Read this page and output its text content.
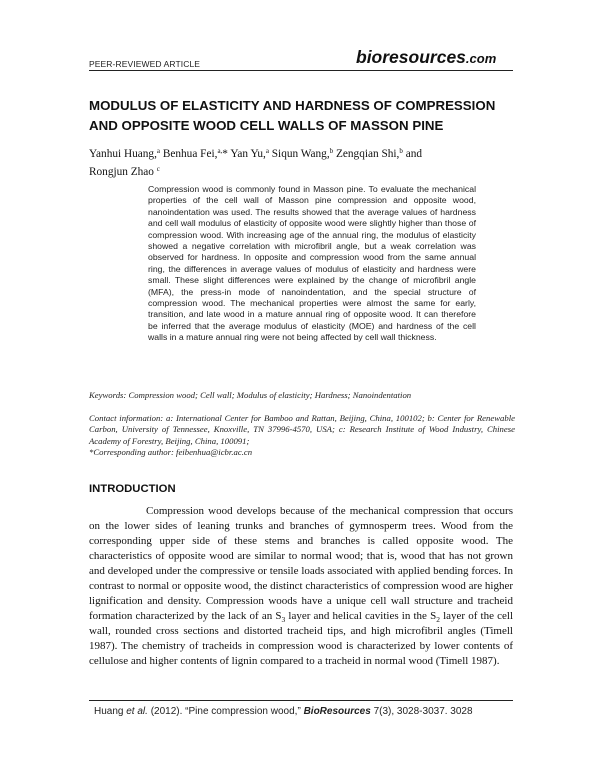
PEER-REVIEWED ARTICLE	bioresources.com
MODULUS OF ELASTICITY AND HARDNESS OF COMPRESSION
AND OPPOSITE WOOD CELL WALLS OF MASSON PINE
Yanhui Huang,$^a$ Benhua Fei,$^{a,}$* Yan Yu,$^a$ Siqun Wang,$^b$ Zengqian Shi,$^b$ and
Rongjun Zhao $^c$
Compression wood is commonly found in Masson pine. To evaluate the mechanical properties of the cell wall of Masson pine compression and opposite wood, nanoindentation was used. The results showed that the average values of hardness and cell wall modulus of elasticity of opposite wood were slightly higher than those of compression wood. With increasing age of the annual ring, the modulus of elasticity showed a negative correlation with microfibril angle, but a weak correlation was observed for hardness. In opposite and compression wood from the same annual ring, the differences in average values of modulus of elasticity and hardness were small. These slight differences were explained by the change of microfibril angle (MFA), the press-in mode of nanoindentation, and the special structure of compression wood. The mechanical properties were almost the same for early, transition, and late wood in a mature annual ring of opposite wood. It can therefore be inferred that the average modulus of elasticity (MOE) and hardness of the cell walls in a mature annual ring were not being affected by cell wall thickness.
Keywords: Compression wood; Cell wall; Modulus of elasticity; Hardness; Nanoindentation
Contact information: a: International Center for Bamboo and Rattan, Beijing, China, 100102; b: Center for Renewable Carbon, University of Tennessee, Knoxville, TN 37996-4570, USA; c: Research Institute of Wood Industry, Chinese Academy of Forestry, Beijing, China, 100091;
*Corresponding author: feibenhua@icbr.ac.cn
INTRODUCTION
Compression wood develops because of the mechanical compression that occurs on the lower sides of leaning trunks and branches of gymnosperm trees. Wood from the corresponding upper side of these stems and branches is called opposite wood. The characteristics of opposite wood are similar to normal wood; that is, wood that has not grown and developed under the compressive or tensile loads associated with applied bending forces. In contrast to normal or opposite wood, the distinct characteristics of compression wood are higher lignification and density. Compression woods have a unique cell wall structure and tracheid formation characterized by the lack of an $S_3$ layer and helical cavities in the $S_2$ layer of the cell wall, rounded cross sections and distorted tracheid tips, and high microfibril angles (Timell 1987). The chemistry of tracheids in compression wood is characterized by lower contents of cellulose and higher contents of lignin compared to a tracheid in normal wood (Timell 1987).
Huang et al. (2012). “Pine compression wood,” BioResources 7(3), 3028-3037. 3028
